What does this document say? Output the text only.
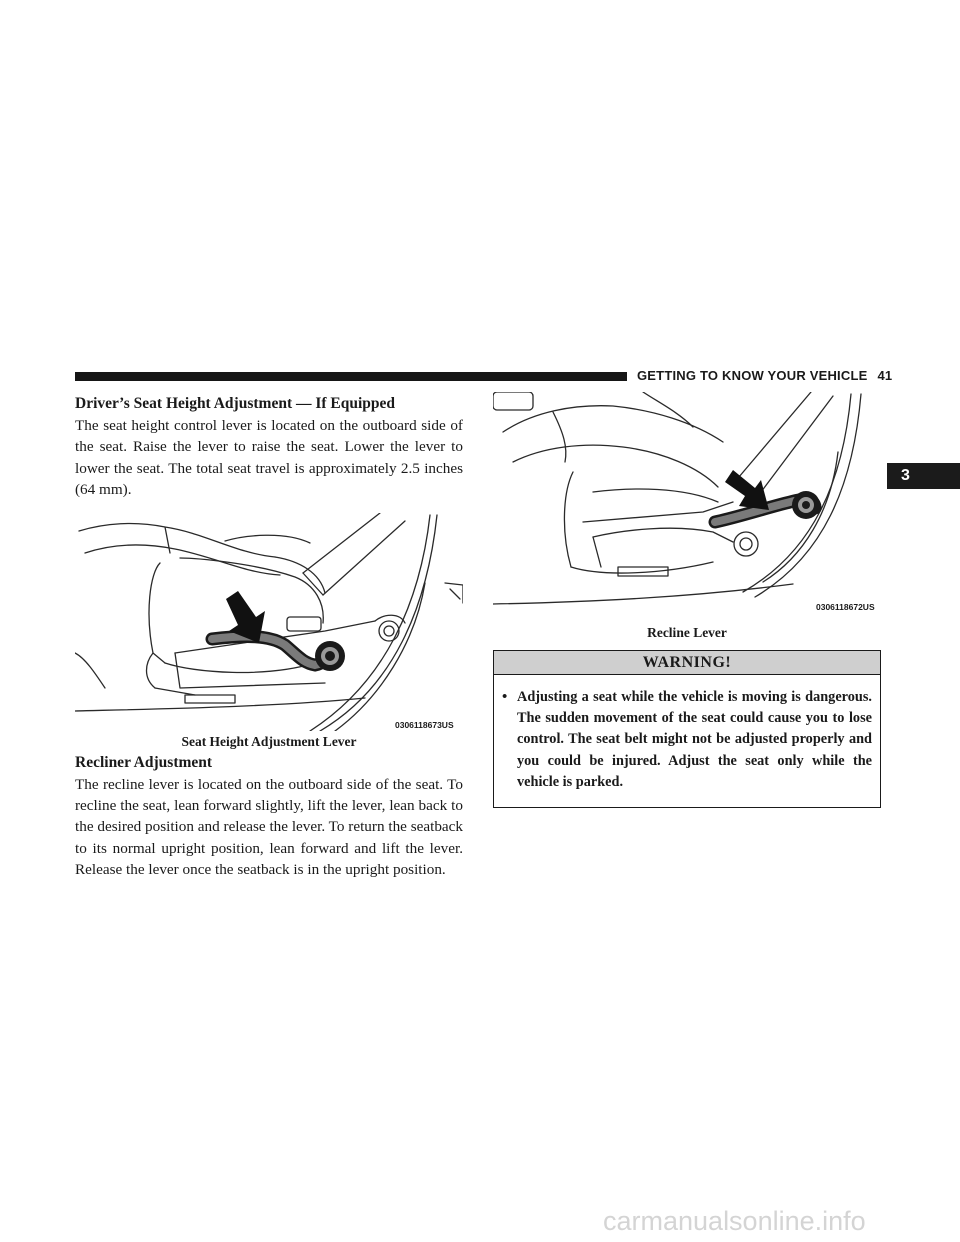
GETTING TO KNOW YOUR VEHICLE 41
3
Driver’s Seat Height Adjustment — If Equipped

The seat height control lever is located on the outboard side of the seat. Raise the lever to raise the seat. Lower the lever to lower the seat. The total seat travel is approximately 2.5 inches (64 mm).

0306118673US
Seat Height Adjustment Lever
Recliner Adjustment

The recline lever is located on the outboard side of the seat. To recline the seat, lean forward slightly, lift the lever, lean back to the desired position and release the lever. To return the seatback to its normal upright position, lean forward and lift the lever. Release the lever once the seatback is in the upright position.

0306118672US
Recline Lever
WARNING!
• Adjusting a seat while the vehicle is moving is dangerous. The sudden movement of the seat could cause you to lose control. The seat belt might not be adjusted properly and you could be injured. Adjust the seat only while the vehicle is parked.
carmanualsonline.info
